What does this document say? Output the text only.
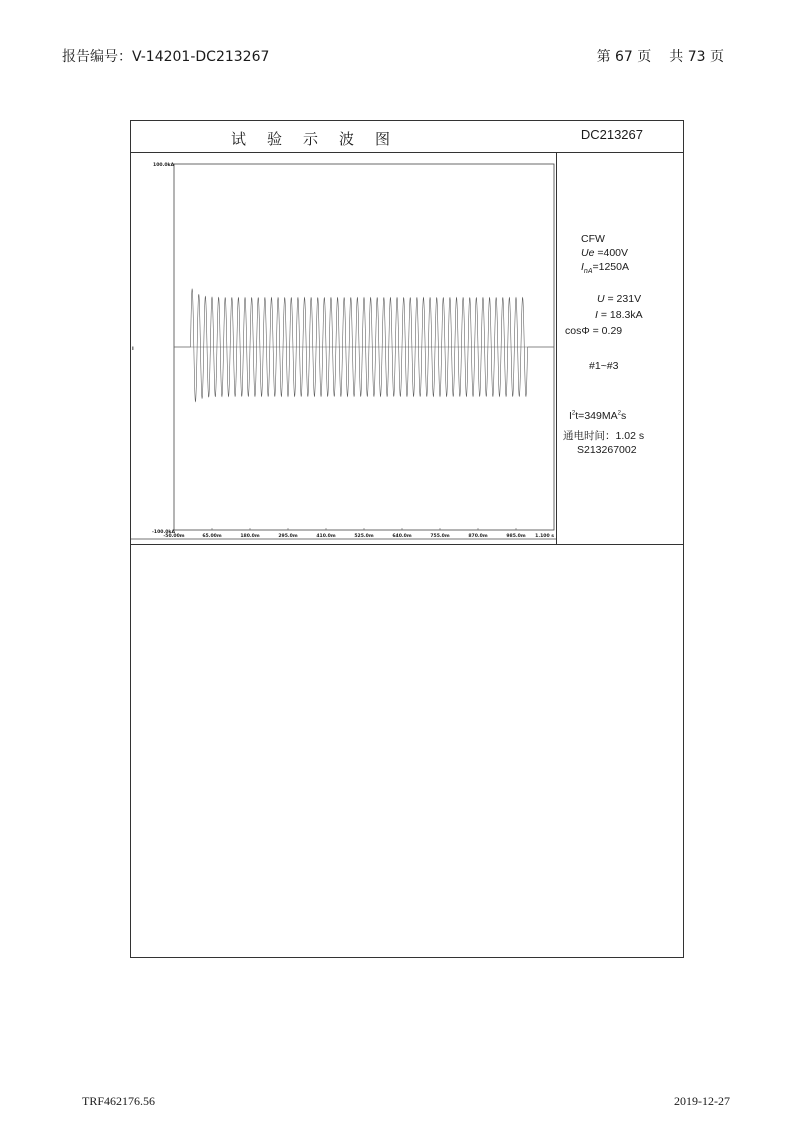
报告编号：V-14201-DC213267	第 67 页 共 73 页
试验示波图	DC213267
100.0kA
-100.0kA
I
-50.00m	65.00m	180.0m	295.0m	410.0m	525.0m	640.0m	755.0m	870.0m	985.0m 1.100 s
CFW
Ue =400V
$I_{nA}=1250A$
U = 231V
I = 18.3kA
cosΦ = 0.29
#1~#3
$I^2t=349MA^2s$
通电时间：1.02 s
S213267002
TRF462176.56	2019-12-27
